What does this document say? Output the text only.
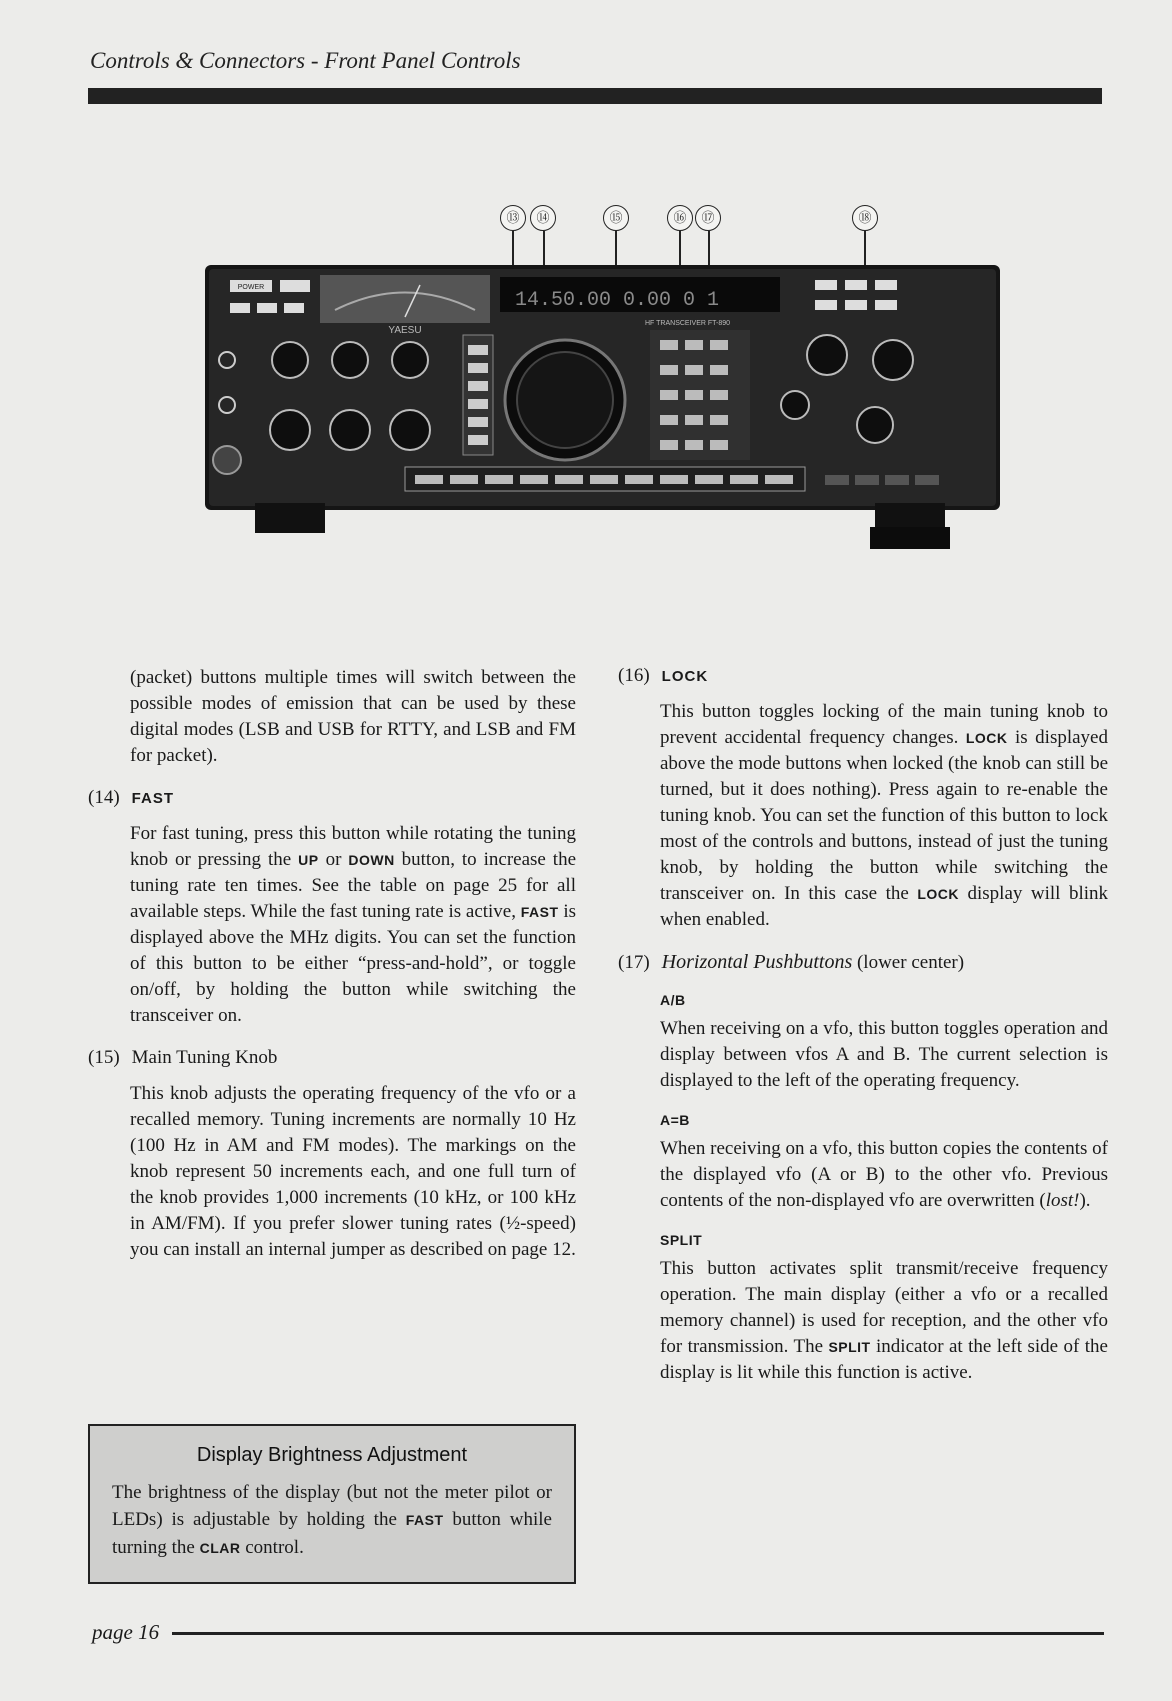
Controls & Connectors - Front Panel Controls
⑬	⑭	⑮	⑯	⑰	⑱
POWER
YAESU
14.50.00 0.00 0 1
HF TRANSCEIVER FT-890

(packet) buttons multiple times will switch between the possible modes of emission that can be used by these digital modes (LSB and USB for RTTY, and LSB and FM for packet).

(14) FAST

For fast tuning, press this button while rotating the tuning knob or pressing the UP or DOWN button, to increase the tuning rate ten times. See the table on page 25 for all available steps. While the fast tuning rate is active, FAST is displayed above the MHz digits. You can set the function of this button to be either “press-and-hold”, or toggle on/off, by holding the button while switching the transceiver on.

(15) Main Tuning Knob

This knob adjusts the operating frequency of the vfo or a recalled memory. Tuning increments are normally 10 Hz (100 Hz in AM and FM modes). The markings on the knob represent 50 increments each, and one full turn of the knob provides 1,000 increments (10 kHz, or 100 kHz in AM/FM). If you prefer slower tuning rates (½-speed) you can install an internal jumper as described on page 12.

Display Brightness Adjustment

The brightness of the display (but not the meter pilot or LEDs) is adjustable by holding the FAST button while turning the CLAR control.

(16) LOCK

This button toggles locking of the main tuning knob to prevent accidental frequency changes. LOCK is displayed above the mode buttons when locked (the knob can still be turned, but it does nothing). Press again to re-enable the tuning knob. You can set the function of this button to lock most of the controls and buttons, instead of just the tuning knob, by holding the button while switching the transceiver on. In this case the LOCK display will blink when enabled.

(17) Horizontal Pushbuttons (lower center)
A/B

When receiving on a vfo, this button toggles operation and display between vfos A and B. The current selection is displayed to the left of the operating frequency.

A=B

When receiving on a vfo, this button copies the contents of the displayed vfo (A or B) to the other vfo. Previous contents of the non-displayed vfo are overwritten (lost!).

SPLIT

This button activates split transmit/receive frequency operation. The main display (either a vfo or a recalled memory channel) is used for reception, and the other vfo for transmission. The SPLIT indicator at the left side of the display is lit while this function is active.

page 16
